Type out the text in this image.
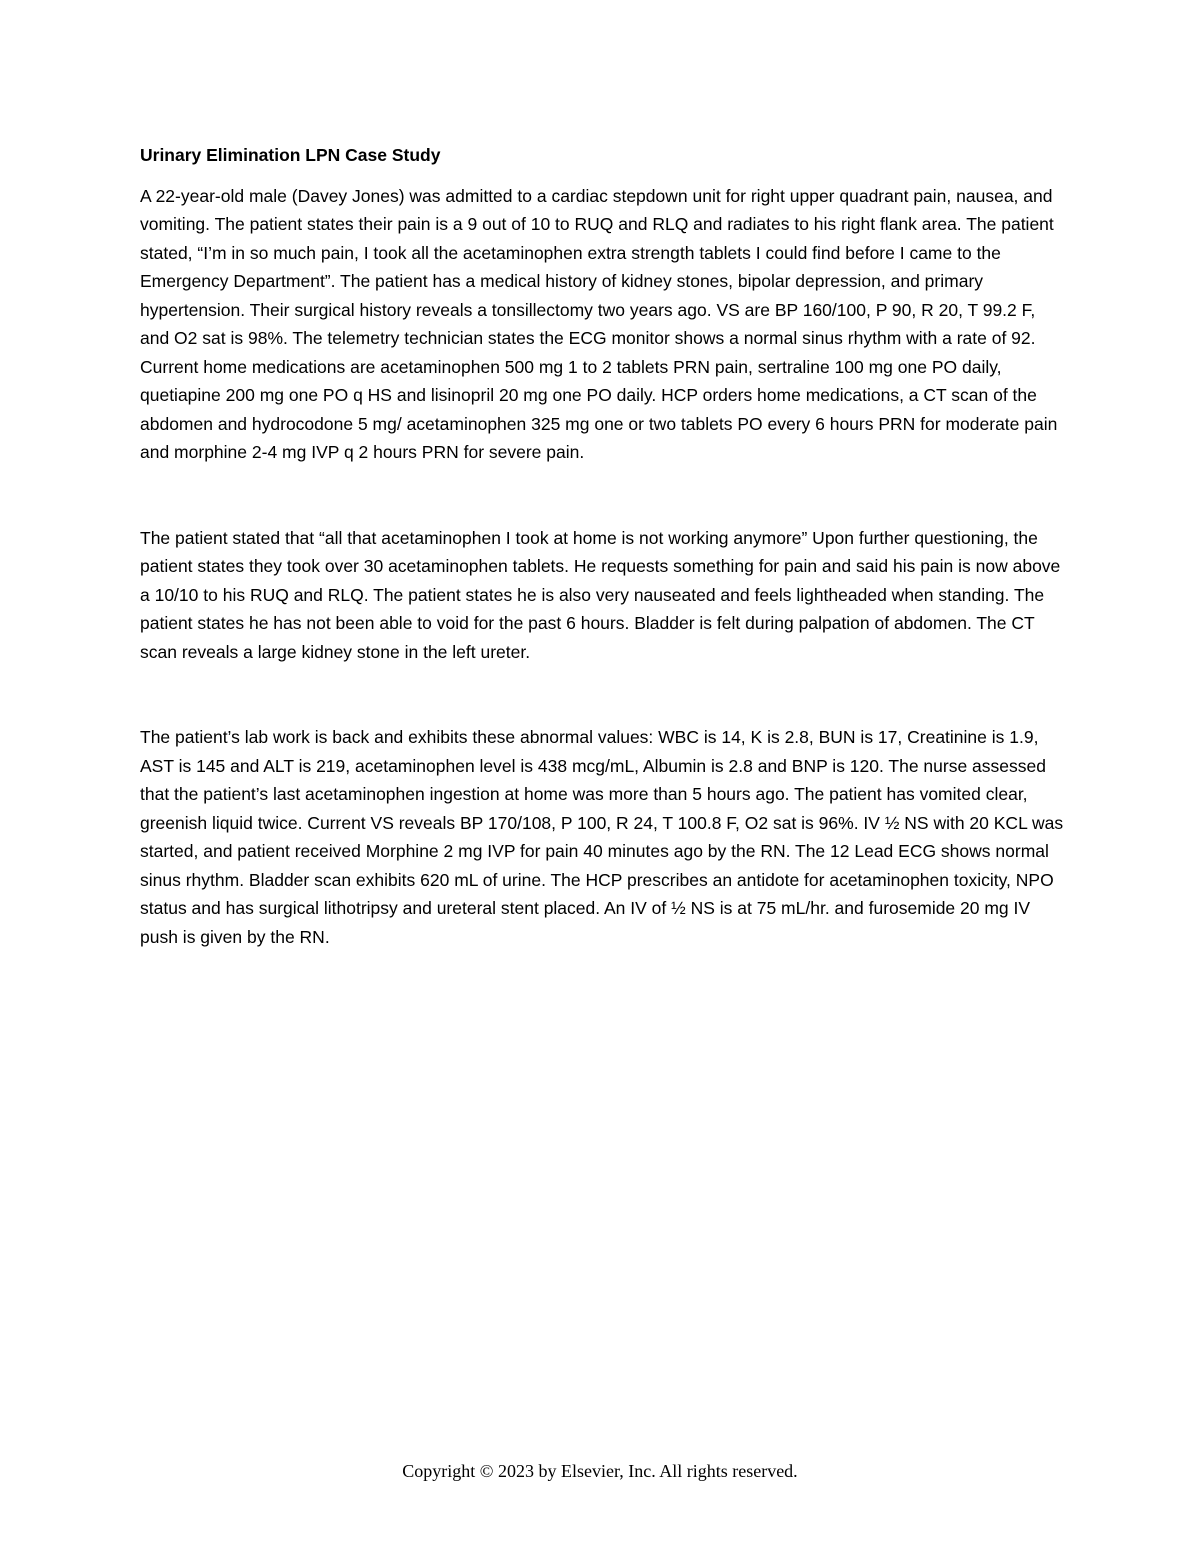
Urinary Elimination LPN Case Study

A 22-year-old male (Davey Jones) was admitted to a cardiac stepdown unit for right upper quadrant pain, nausea, and vomiting. The patient states their pain is a 9 out of 10 to RUQ and RLQ and radiates to his right flank area. The patient stated, “I’m in so much pain, I took all the acetaminophen extra strength tablets I could find before I came to the Emergency Department”. The patient has a medical history of kidney stones, bipolar depression, and primary hypertension. Their surgical history reveals a tonsillectomy two years ago. VS are BP 160/100, P 90, R 20, T 99.2 F, and O2 sat is 98%. The telemetry technician states the ECG monitor shows a normal sinus rhythm with a rate of 92. Current home medications are acetaminophen 500 mg 1 to 2 tablets PRN pain, sertraline 100 mg one PO daily, quetiapine 200 mg one PO q HS and lisinopril 20 mg one PO daily. HCP orders home medications, a CT scan of the abdomen and hydrocodone 5 mg/ acetaminophen 325 mg one or two tablets PO every 6 hours PRN for moderate pain and morphine 2-4 mg IVP q 2 hours PRN for severe pain.

The patient stated that “all that acetaminophen I took at home is not working anymore” Upon further questioning, the patient states they took over 30 acetaminophen tablets. He requests something for pain and said his pain is now above a 10/10 to his RUQ and RLQ. The patient states he is also very nauseated and feels lightheaded when standing. The patient states he has not been able to void for the past 6 hours. Bladder is felt during palpation of abdomen. The CT scan reveals a large kidney stone in the left ureter.

The patient’s lab work is back and exhibits these abnormal values: WBC is 14, K is 2.8, BUN is 17, Creatinine is 1.9, AST is 145 and ALT is 219, acetaminophen level is 438 mcg/mL, Albumin is 2.8 and BNP is 120. The nurse assessed that the patient’s last acetaminophen ingestion at home was more than 5 hours ago. The patient has vomited clear, greenish liquid twice. Current VS reveals BP 170/108, P 100, R 24, T 100.8 F, O2 sat is 96%. IV ½ NS with 20 KCL was started, and patient received Morphine 2 mg IVP for pain 40 minutes ago by the RN. The 12 Lead ECG shows normal sinus rhythm. Bladder scan exhibits 620 mL of urine. The HCP prescribes an antidote for acetaminophen toxicity, NPO status and has surgical lithotripsy and ureteral stent placed. An IV of ½ NS is at 75 mL/hr. and furosemide 20 mg IV push is given by the RN.

Copyright © 2023 by Elsevier, Inc. All rights reserved.
